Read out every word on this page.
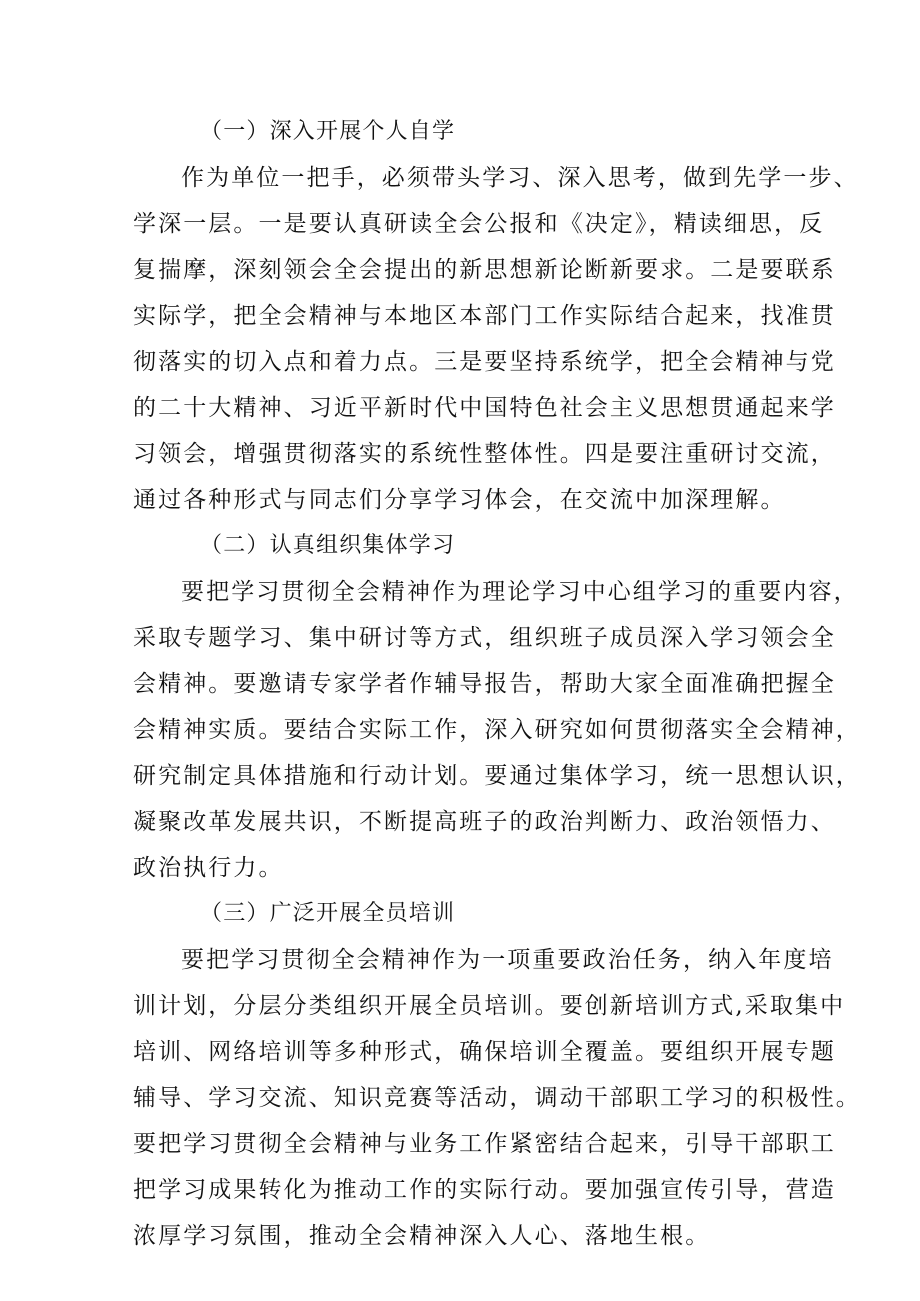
（一）深入开展个人自学
作为单位一把手，必须带头学习、深入思考，做到先学一步、
学深一层。一是要认真研读全会公报和《决定》，精读细思，反
复揣摩，深刻领会全会提出的新思想新论断新要求。二是要联系
实际学，把全会精神与本地区本部门工作实际结合起来，找准贯
彻落实的切入点和着力点。三是要坚持系统学，把全会精神与党
的二十大精神、习近平新时代中国特色社会主义思想贯通起来学
习领会，增强贯彻落实的系统性整体性。四是要注重研讨交流，
通过各种形式与同志们分享学习体会，在交流中加深理解。
（二）认真组织集体学习
要把学习贯彻全会精神作为理论学习中心组学习的重要内容，
采取专题学习、集中研讨等方式，组织班子成员深入学习领会全
会精神。要邀请专家学者作辅导报告，帮助大家全面准确把握全
会精神实质。要结合实际工作，深入研究如何贯彻落实全会精神，
研究制定具体措施和行动计划。要通过集体学习，统一思想认识，
凝聚改革发展共识，不断提高班子的政治判断力、政治领悟力、
政治执行力。
（三）广泛开展全员培训
要把学习贯彻全会精神作为一项重要政治任务，纳入年度培
训计划，分层分类组织开展全员培训。要创新培训方式,采取集中
培训、网络培训等多种形式，确保培训全覆盖。要组织开展专题
辅导、学习交流、知识竞赛等活动，调动干部职工学习的积极性。
要把学习贯彻全会精神与业务工作紧密结合起来，引导干部职工
把学习成果转化为推动工作的实际行动。要加强宣传引导，营造
浓厚学习氛围，推动全会精神深入人心、落地生根。
